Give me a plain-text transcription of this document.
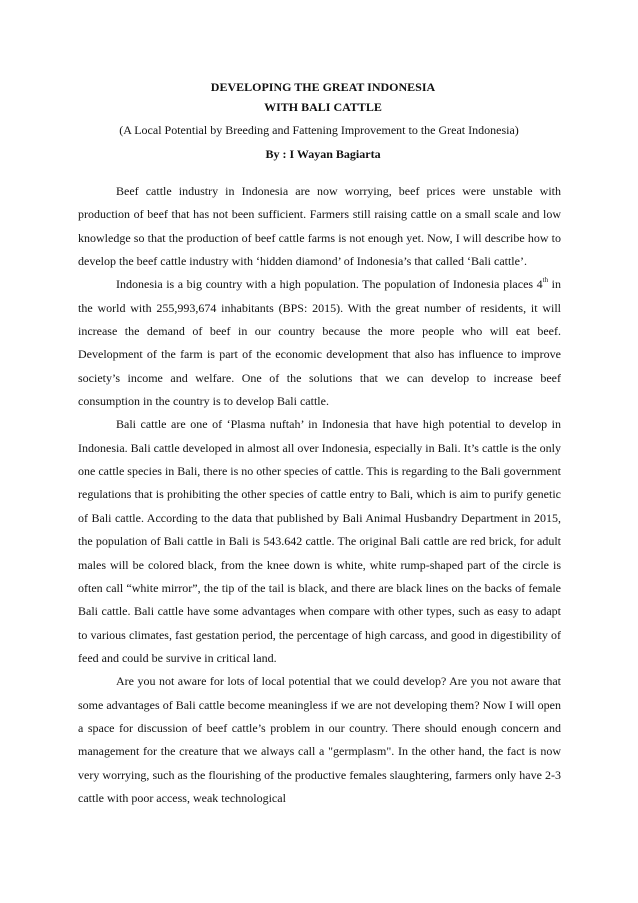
DEVELOPING THE GREAT INDONESIA
WITH BALI CATTLE
(A Local Potential by Breeding and Fattening Improvement to the Great Indonesia)
By : I Wayan Bagiarta

Beef cattle industry in Indonesia are now worrying, beef prices were unstable with production of beef that has not been sufficient. Farmers still raising cattle on a small scale and low knowledge so that the production of beef cattle farms is not enough yet. Now, I will describe how to develop the beef cattle industry with ‘hidden diamond’ of Indonesia’s that called ‘Bali cattle’.

Indonesia is a big country with a high population. The population of Indonesia places 4th in the world with 255,993,674 inhabitants (BPS: 2015). With the great number of residents, it will increase the demand of beef in our country because the more people who will eat beef. Development of the farm is part of the economic development that also has influence to improve society’s income and welfare. One of the solutions that we can develop to increase beef consumption in the country is to develop Bali cattle.

Bali cattle are one of ‘Plasma nuftah’ in Indonesia that have high potential to develop in Indonesia. Bali cattle developed in almost all over Indonesia, especially in Bali. It’s cattle is the only one cattle species in Bali, there is no other species of cattle. This is regarding to the Bali government regulations that is prohibiting the other species of cattle entry to Bali, which is aim to purify genetic of Bali cattle. According to the data that published by Bali Animal Husbandry Department in 2015, the population of Bali cattle in Bali is 543.642 cattle. The original Bali cattle are red brick, for adult males will be colored black, from the knee down is white, white rump-shaped part of the circle is often call “white mirror”, the tip of the tail is black, and there are black lines on the backs of female Bali cattle. Bali cattle have some advantages when compare with other types, such as easy to adapt to various climates, fast gestation period, the percentage of high carcass, and good in digestibility of feed and could be survive in critical land.

Are you not aware for lots of local potential that we could develop? Are you not aware that some advantages of Bali cattle become meaningless if we are not developing them? Now I will open a space for discussion of beef cattle’s problem in our country. There should enough concern and management for the creature that we always call a "germplasm". In the other hand, the fact is now very worrying, such as the flourishing of the productive females slaughtering, farmers only have 2-3 cattle with poor access, weak technological
